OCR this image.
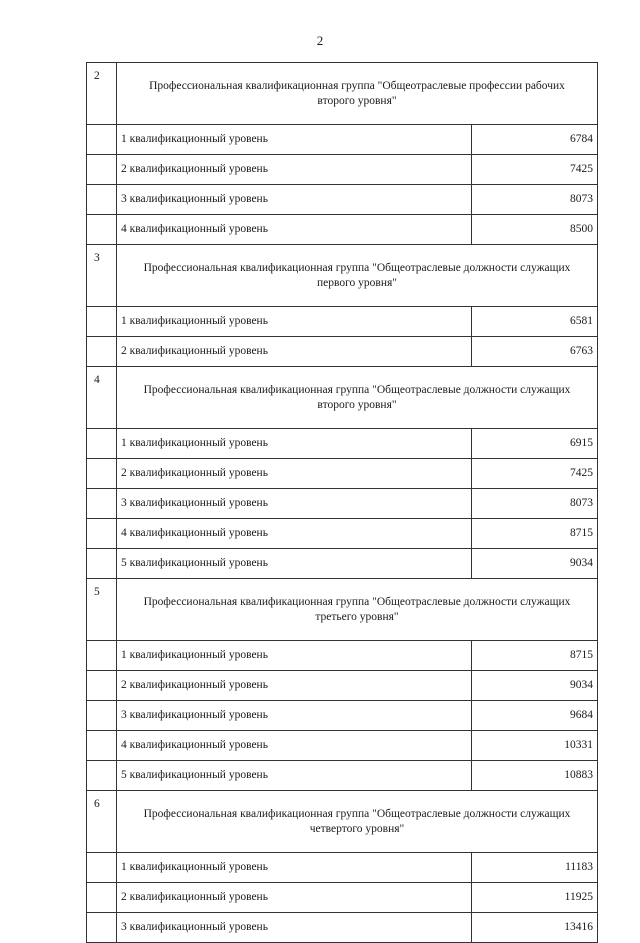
2
2	Профессиональная квалификационная группа "Общеотраслевые профессии рабочих второго уровня"	
	1 квалификационный уровень	6784
	2 квалификационный уровень	7425
	3 квалификационный уровень	8073
	4 квалификационный уровень	8500
3	Профессиональная квалификационная группа "Общеотраслевые должности служащих первого уровня"	
	1 квалификационный уровень	6581
	2 квалификационный уровень	6763
4	Профессиональная квалификационная группа "Общеотраслевые должности служащих второго уровня"	
	1 квалификационный уровень	6915
	2 квалификационный уровень	7425
	3 квалификационный уровень	8073
	4 квалификационный уровень	8715
	5 квалификационный уровень	9034
5	Профессиональная квалификационная группа "Общеотраслевые должности служащих третьего уровня"	
	1 квалификационный уровень	8715
	2 квалификационный уровень	9034
	3 квалификационный уровень	9684
	4 квалификационный уровень	10331
	5 квалификационный уровень	10883
6	Профессиональная квалификационная группа "Общеотраслевые должности служащих четвертого уровня"	
	1 квалификационный уровень	11183
	2 квалификационный уровень	11925
	3 квалификационный уровень	13416
